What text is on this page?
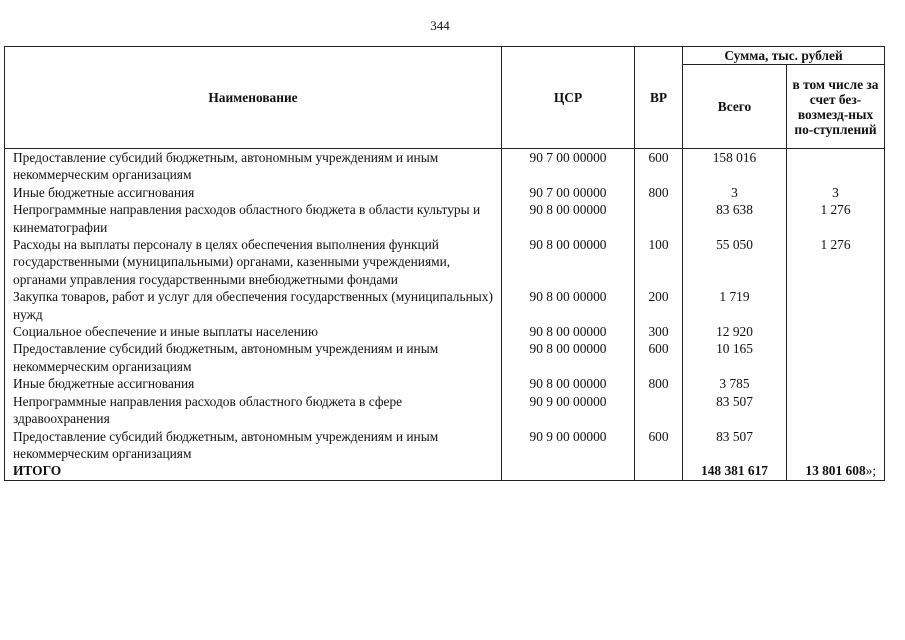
344
Наименование	ЦСР	ВР	Сумма, тыс. рублей	
			Всего	в том числе за счет без-возмезд-ных по-ступлений
Предоставление субсидий бюджетным, автономным учреждениям и иным некоммерческим организациям	90 7 00 00000	600	158 016	
Иные бюджетные ассигнования	90 7 00 00000	800	3	3
Непрограммные направления расходов областного бюджета в области культуры и кинематографии	90 8 00 00000		83 638	1 276
Расходы на выплаты персоналу в целях обеспечения выполнения функций государственными (муниципальными) органами, казенными учреждениями, органами управления государственными внебюджетными фондами	90 8 00 00000	100	55 050	1 276
Закупка товаров, работ и услуг для обеспечения государственных (муниципальных) нужд	90 8 00 00000	200	1 719	
Социальное обеспечение и иные выплаты населению	90 8 00 00000	300	12 920	
Предоставление субсидий бюджетным, автономным учреждениям и иным некоммерческим организациям	90 8 00 00000	600	10 165	
Иные бюджетные ассигнования	90 8 00 00000	800	3 785	
Непрограммные направления расходов областного бюджета в сфере здравоохранения	90 9 00 00000		83 507	
Предоставление субсидий бюджетным, автономным учреждениям и иным некоммерческим организациям	90 9 00 00000	600	83 507	
ИТОГО			148 381 617	13 801 608 »;
